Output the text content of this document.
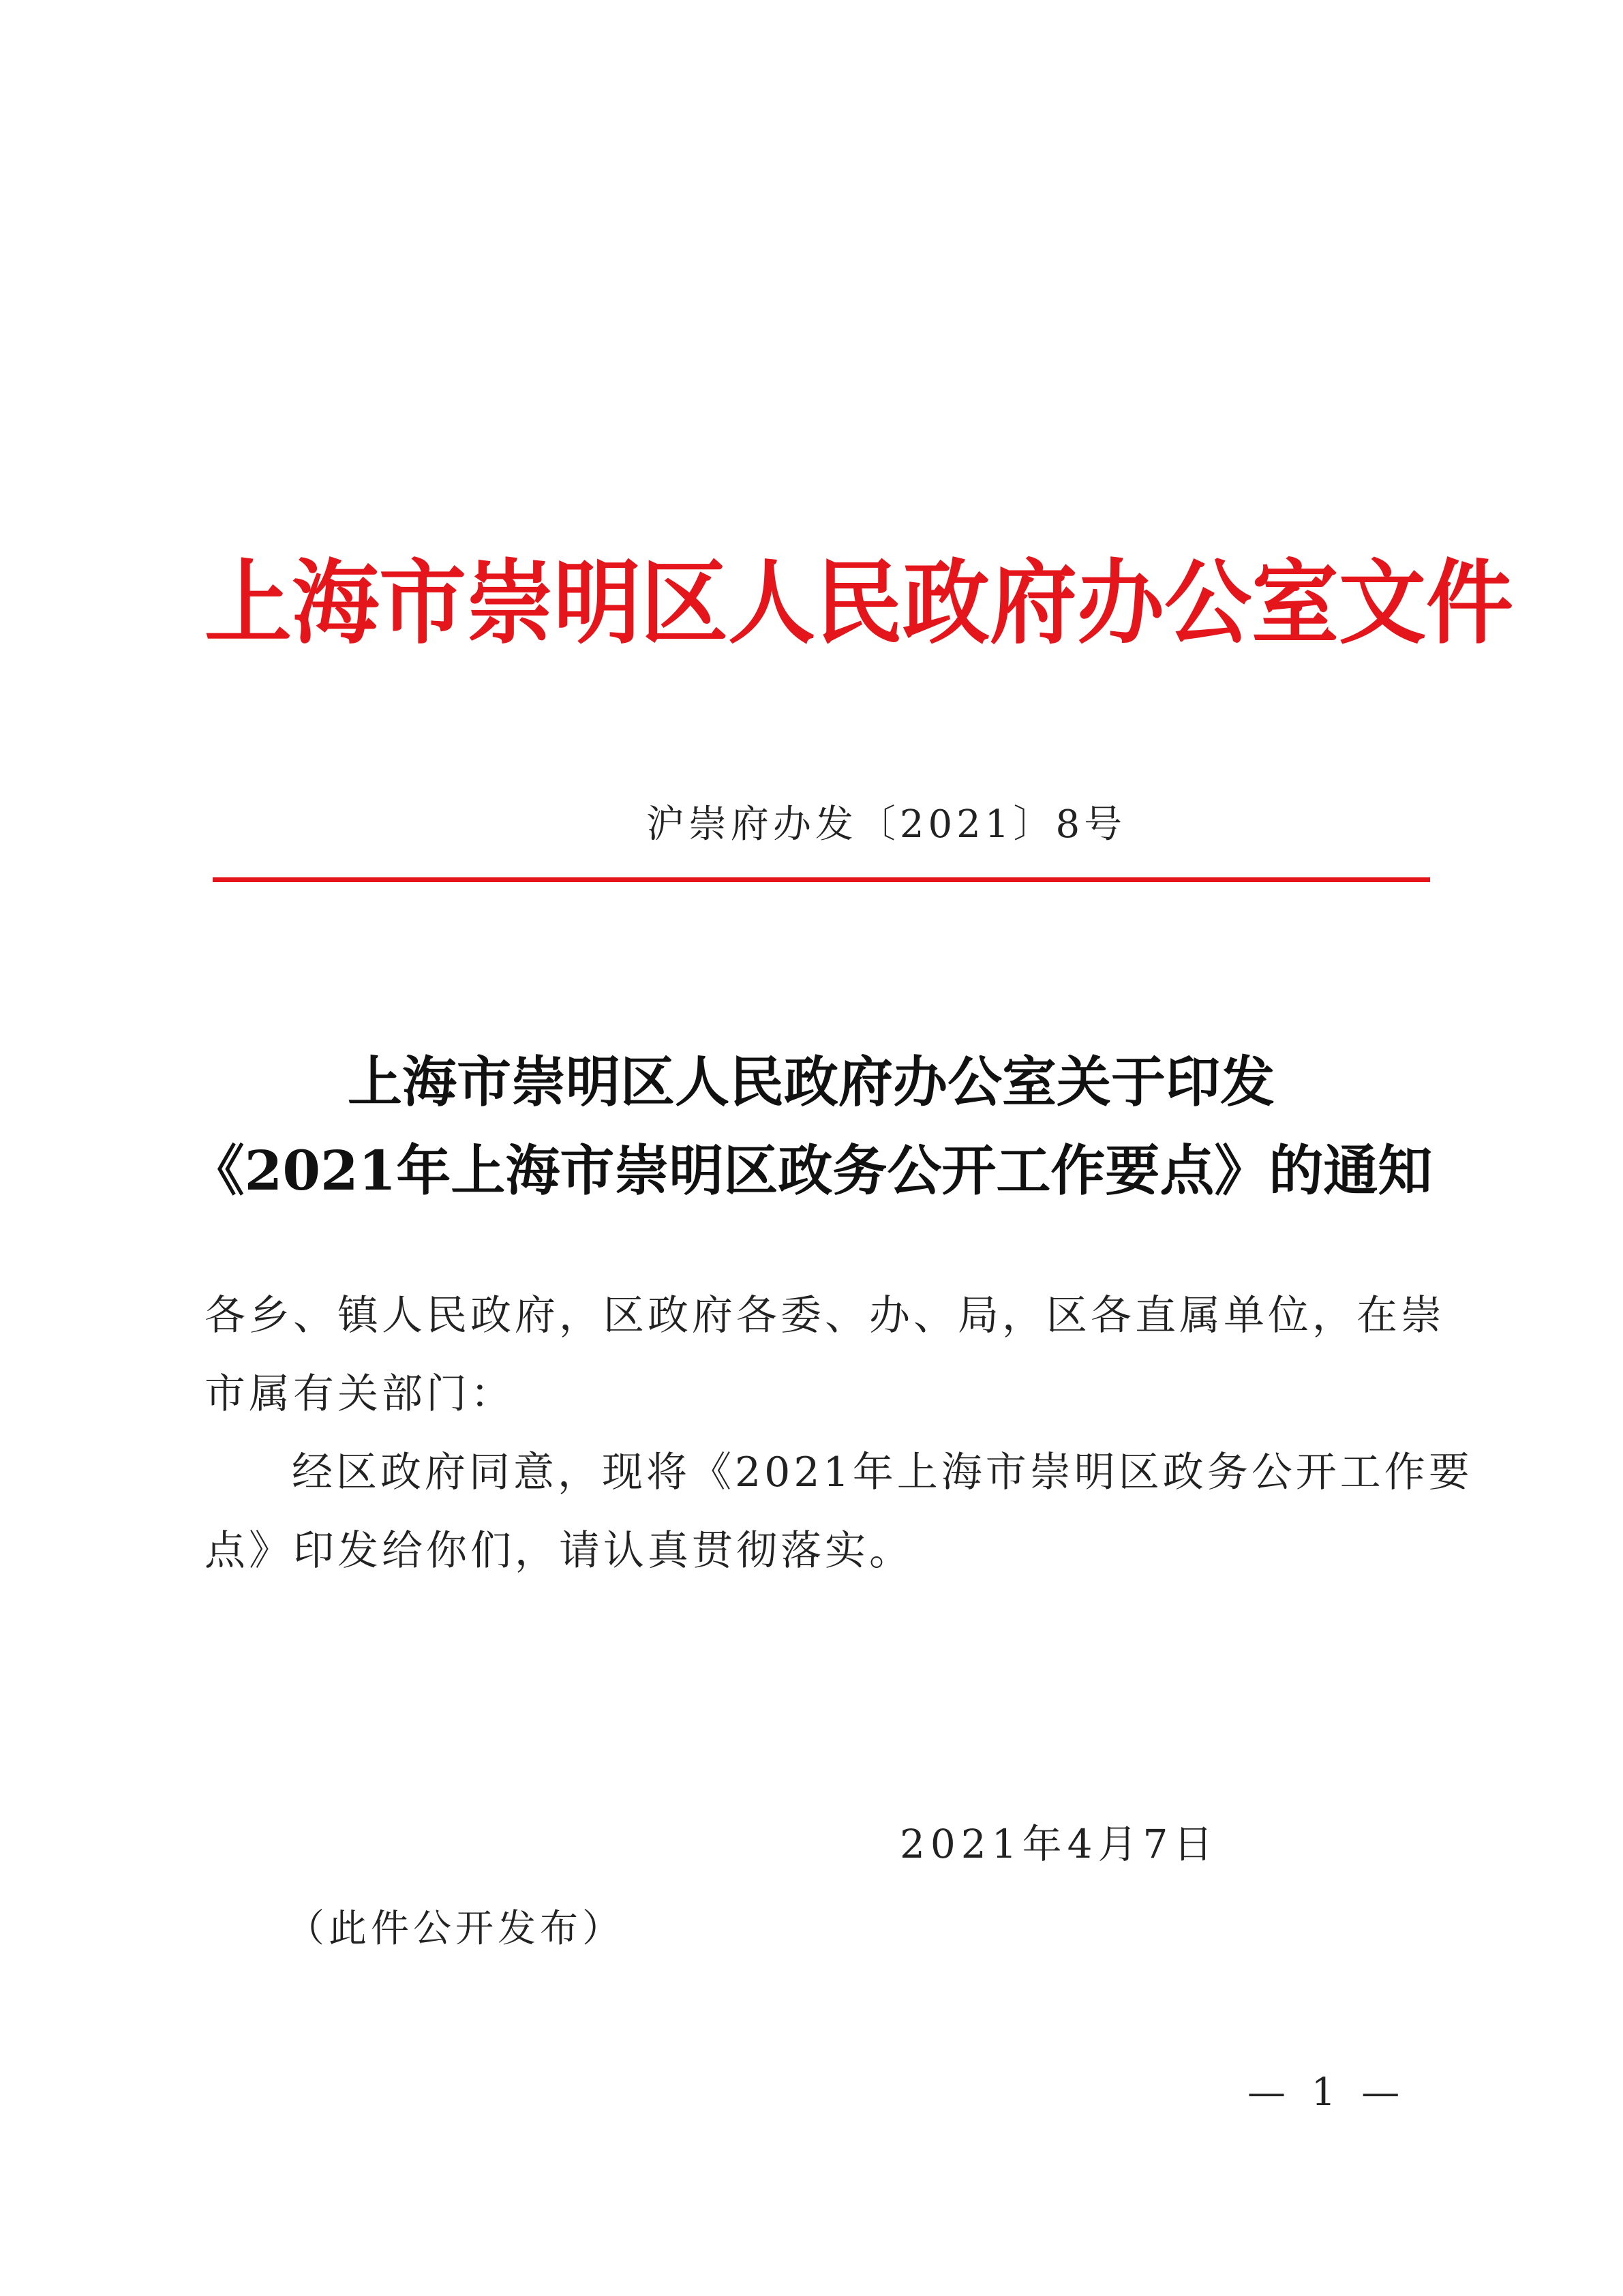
上海市崇明区人民政府办公室文件
沪崇府办发〔2021〕8号
上海市崇明区人民政府办公室关于印发
《2021年上海市崇明区政务公开工作要点》的通知
各乡、镇人民政府，区政府各委、办、局，区各直属单位，在崇
市属有关部门：
经区政府同意，现将《2021年上海市崇明区政务公开工作要
点》印发给你们，请认真贯彻落实。
2021年4月7日
（此件公开发布）
— 1 —
